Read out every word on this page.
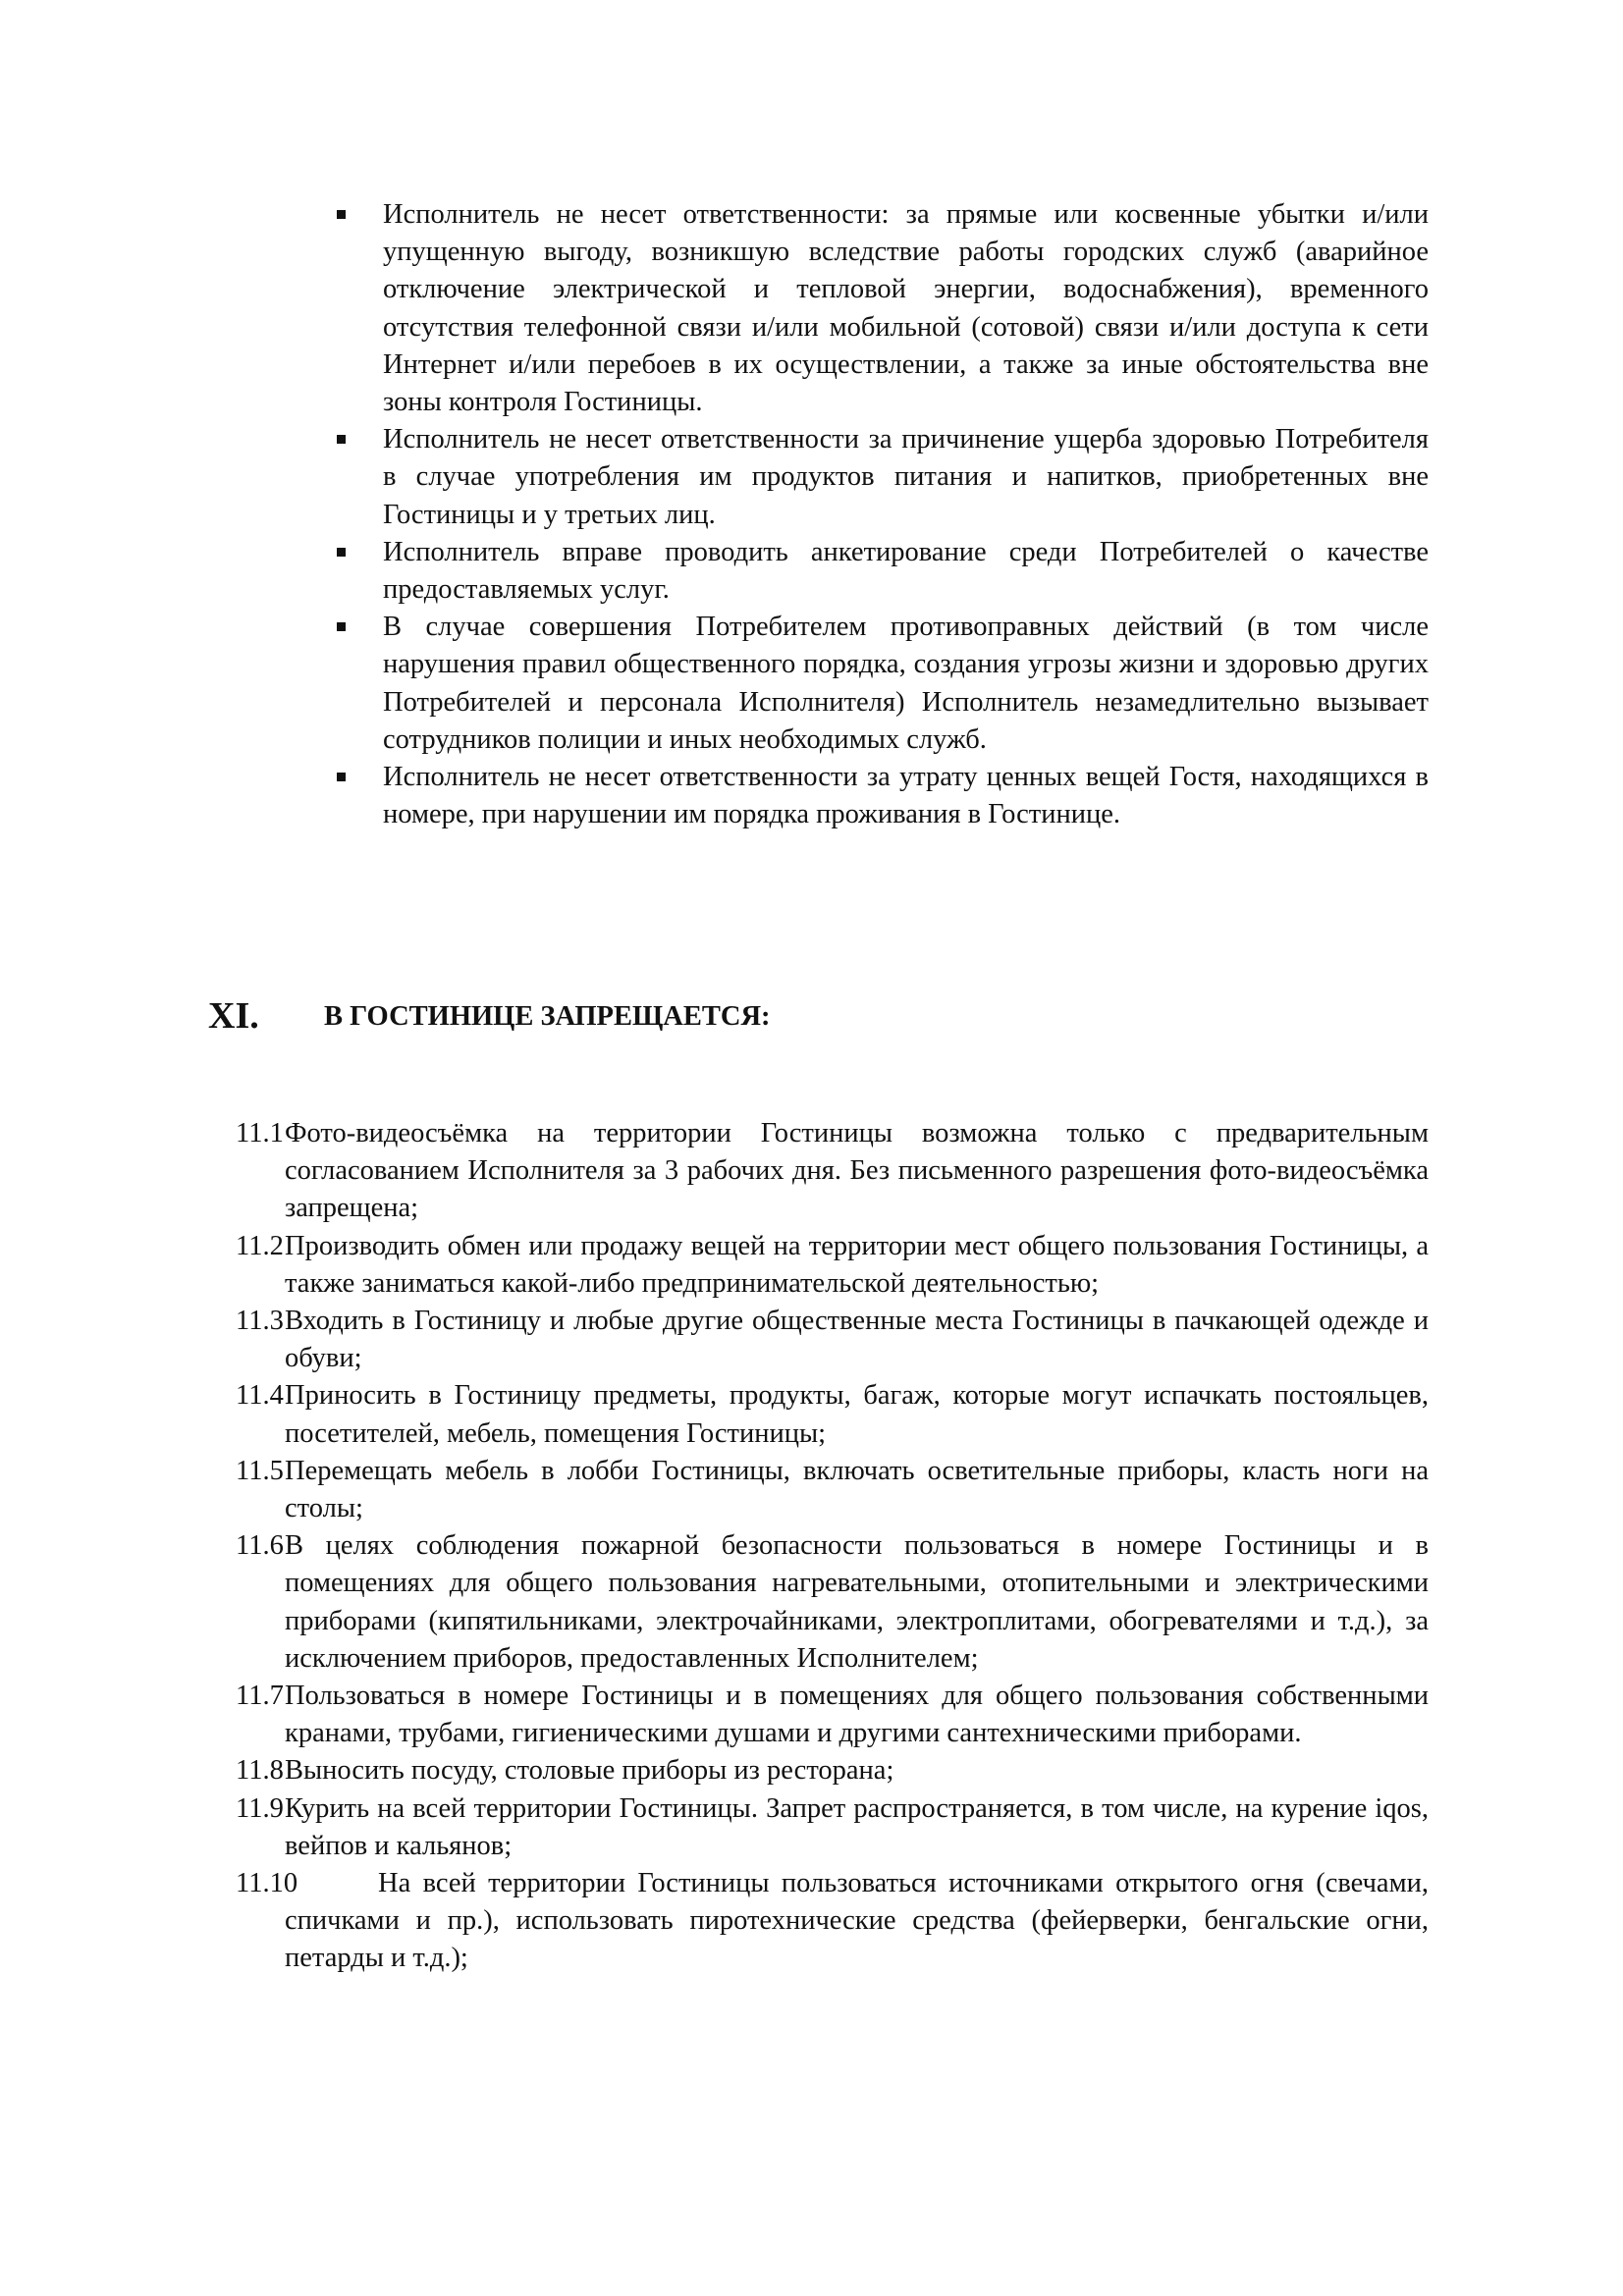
Исполнитель не несет ответственности: за прямые или косвенные убытки и/или упущенную выгоду, возникшую вследствие работы городских служб (аварийное отключение электрической и тепловой энергии, водоснабжения), временного отсутствия телефонной связи и/или мобильной (сотовой) связи и/или доступа к сети Интернет и/или перебоев в их осуществлении, а также за иные обстоятельства вне зоны контроля Гостиницы.
Исполнитель не несет ответственности за причинение ущерба здоровью Потребителя в случае употребления им продуктов питания и напитков, приобретенных вне Гостиницы и у третьих лиц.
Исполнитель вправе проводить анкетирование среди Потребителей о качестве предоставляемых услуг.
В случае совершения Потребителем противоправных действий (в том числе нарушения правил общественного порядка, создания угрозы жизни и здоровью других Потребителей и персонала Исполнителя) Исполнитель незамедлительно вызывает сотрудников полиции и иных необходимых служб.
Исполнитель не несет ответственности за утрату ценных вещей Гостя, находящихся в номере, при нарушении им порядка проживания в Гостинице.
XI. В ГОСТИНИЦЕ ЗАПРЕЩАЕТСЯ:
11.1 Фото-видеосъёмка на территории Гостиницы возможна только с предварительным согласованием Исполнителя за 3 рабочих дня. Без письменного разрешения фото-видеосъёмка запрещена;
11.2 Производить обмен или продажу вещей на территории мест общего пользования Гостиницы, а также заниматься какой-либо предпринимательской деятельностью;
11.3 Входить в Гостиницу и любые другие общественные места Гостиницы в пачкающей одежде и обуви;
11.4 Приносить в Гостиницу предметы, продукты, багаж, которые могут испачкать постояльцев, посетителей, мебель, помещения Гостиницы;
11.5 Перемещать мебель в лобби Гостиницы, включать осветительные приборы, класть ноги на столы;
11.6 В целях соблюдения пожарной безопасности пользоваться в номере Гостиницы и в помещениях для общего пользования нагревательными, отопительными и электрическими приборами (кипятильниками, электрочайниками, электроплитами, обогревателями и т.д.), за исключением приборов, предоставленных Исполнителем;
11.7 Пользоваться в номере Гостиницы и в помещениях для общего пользования собственными кранами, трубами, гигиеническими душами и другими сантехническими приборами.
11.8 Выносить посуду, столовые приборы из ресторана;
11.9 Курить на всей территории Гостиницы. Запрет распространяется, в том числе, на курение iqos, вейпов и кальянов;
11.10	На всей территории Гостиницы пользоваться источниками открытого огня (свечами, спичками и пр.), использовать пиротехнические средства (фейерверки, бенгальские огни, петарды и т.д.);
